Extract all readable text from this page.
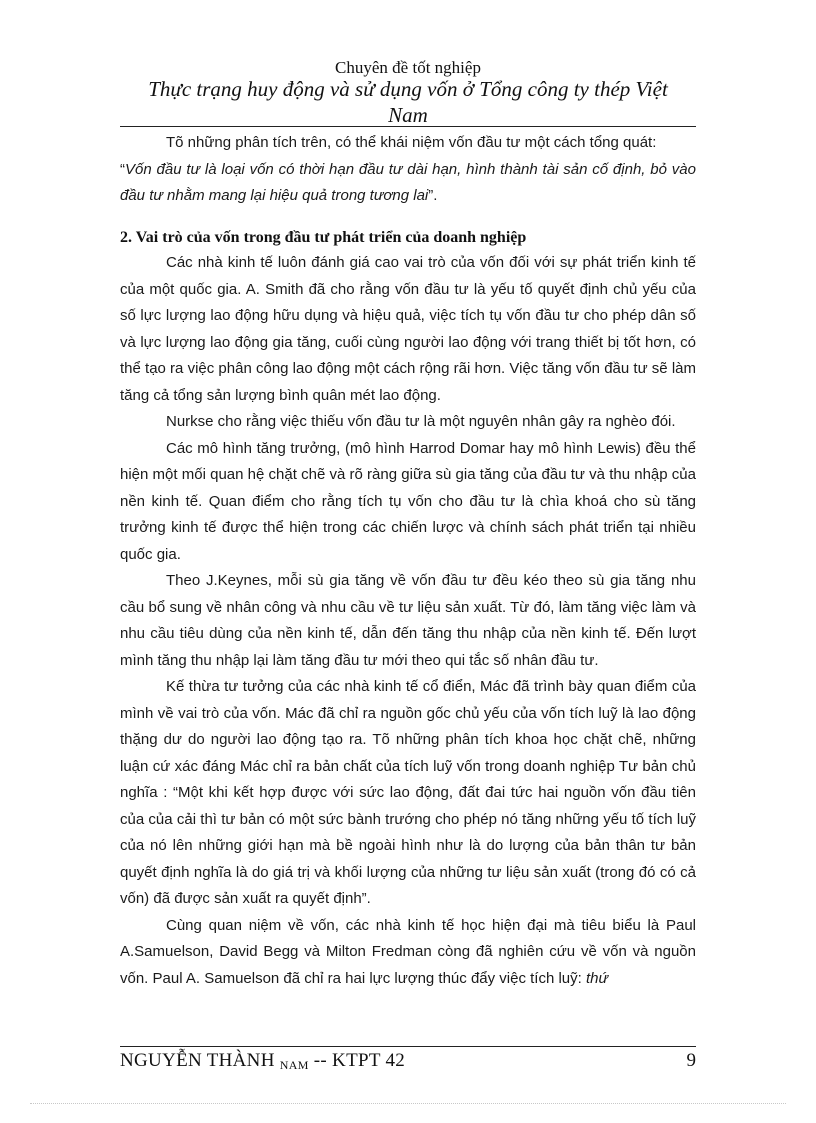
Chuyên đề tốt nghiệp
Thực trạng huy động và sử dụng vốn ở Tổng công ty thép Việt
Nam

Tõ những phân tích trên, có thể khái niệm vốn đầu tư một cách tổng quát:

“Vốn đầu tư là loại vốn có thời hạn đầu tư dài hạn, hình thành tài sản cố định, bỏ vào đầu tư nhằm mang lại hiệu quả trong tương lai”.
2. Vai trò của vốn trong đầu tư phát triển của doanh nghiệp

Các nhà kinh tế luôn đánh giá cao vai trò của vốn đối với sự phát triển kinh tế của một quốc gia. A. Smith đã cho rằng vốn đầu tư là yếu tố quyết định chủ yếu của số lực lượng lao động hữu dụng và hiệu quả, việc tích tụ vốn đầu tư cho phép dân số và lực lượng lao động gia tăng, cuối cùng người lao động với trang thiết bị tốt hơn, có thể tạo ra việc phân công lao động một cách rộng rãi hơn. Việc tăng vốn đầu tư sẽ làm tăng cả tổng sản lượng bình quân mét lao động.

Nurkse cho rằng việc thiếu vốn đầu tư là một nguyên nhân gây ra nghèo đói.

Các mô hình tăng trưởng, (mô hình Harrod Domar hay mô hình Lewis) đều thể hiện một mối quan hệ chặt chẽ và rõ ràng giữa sù gia tăng của đầu tư và thu nhập của nền kinh tế. Quan điểm cho rằng tích tụ vốn cho đầu tư là chìa khoá cho sù tăng trưởng kinh tế được thể hiện trong các chiến lược và chính sách phát triển tại nhiều quốc gia.

Theo J.Keynes, mỗi sù gia tăng về vốn đầu tư đều kéo theo sù gia tăng nhu cầu bổ sung về nhân công và nhu cầu về tư liệu sản xuất. Từ đó, làm tăng việc làm và nhu cầu tiêu dùng của nền kinh tế, dẫn đến tăng thu nhập của nền kinh tế. Đến lượt mình tăng thu nhập lại làm tăng đầu tư mới theo qui tắc số nhân đầu tư.

Kế thừa tư tưởng của các nhà kinh tế cổ điển, Mác đã trình bày quan điểm của mình về vai trò của vốn. Mác đã chỉ ra nguồn gốc chủ yếu của vốn tích luỹ là lao động thặng dư do người lao động tạo ra. Tõ những phân tích khoa học chặt chẽ, những luận cứ xác đáng Mác chỉ ra bản chất của tích luỹ vốn trong doanh nghiệp Tư bản chủ nghĩa : “Một khi kết hợp được với sức lao động, đất đai tức hai nguồn vốn đầu tiên của của cải thì tư bản có một sức bành trướng cho phép nó tăng những yếu tố tích luỹ của nó lên những giới hạn mà bề ngoài hình như là do lượng của bản thân tư bản quyết định nghĩa là do giá trị và khối lượng của những tư liệu sản xuất (trong đó có cả vốn) đã được sản xuất ra quyết định”.

Cùng quan niệm về vốn, các nhà kinh tế học hiện đại mà tiêu biểu là Paul A.Samuelson, David Begg và Milton Fredman còng đã nghiên cứu về vốn và nguồn vốn. Paul A. Samuelson đã chỉ ra hai lực lượng thúc đẩy việc tích luỹ: thứ

NGUYỄN THÀNH NAM -- KTPT 42	9
